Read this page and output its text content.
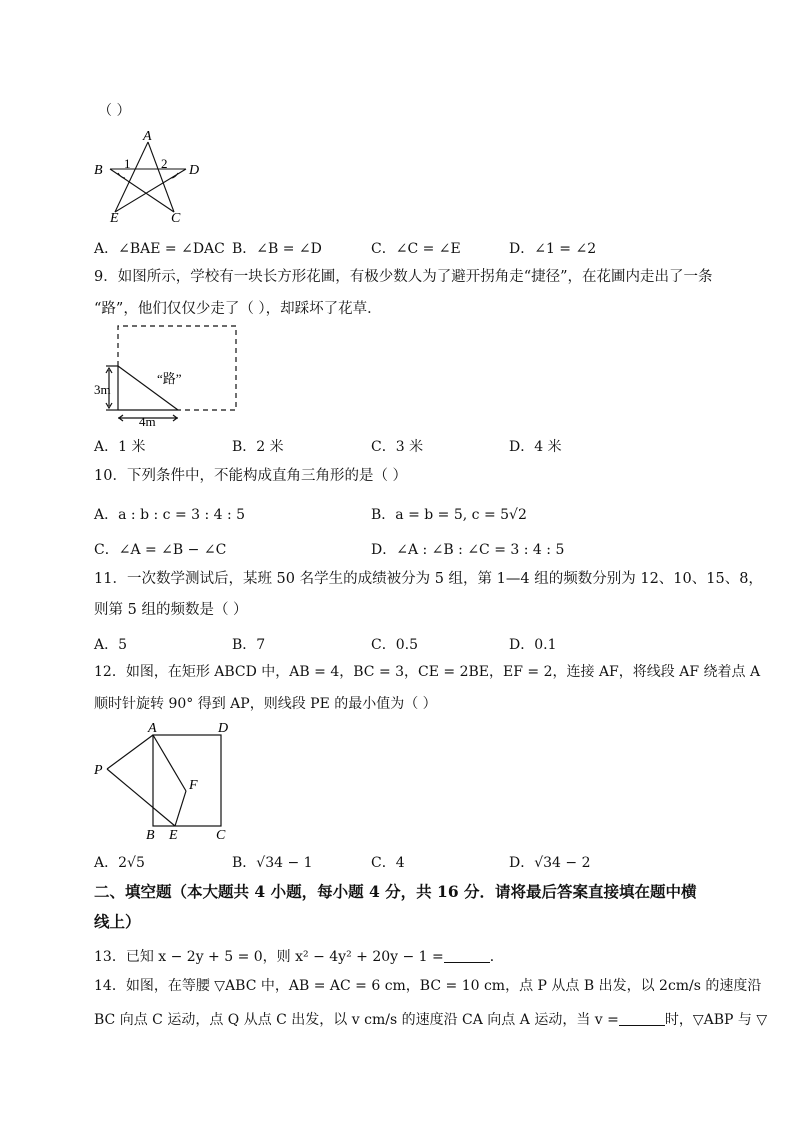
（ ）
A
B	D
E	C
1 2
A．∠BAE = ∠DAC B．∠B = ∠D	C．∠C = ∠E	D．∠1 = ∠2
9．如图所示，学校有一块长方形花圃，有极少数人为了避开拐角走“捷径”，在花圃内走出了一条
“路”，他们仅仅少走了（ ），却踩坏了花草．
“路”
3m
4m
A．1 米	B．2 米	C．3 米	D．4 米
10．下列条件中，不能构成直角三角形的是（ ）
A．a : b : c = 3 : 4 : 5	B．a = b = 5, c = 5√2
C．∠A = ∠B − ∠C	D．∠A : ∠B : ∠C = 3 : 4 : 5
11．一次数学测试后，某班 50 名学生的成绩被分为 5 组，第 1—4 组的频数分别为 12、10、15、8，
则第 5 组的频数是（ ）
A．5	B．7	C．0.5	D．0.1
12．如图，在矩形 ABCD 中，AB = 4，BC = 3，CE = 2BE，EF = 2，连接 AF，将线段 AF 绕着点 A
顺时针旋转 90° 得到 AP，则线段 PE 的最小值为（ ）
A	D
P
F
B E	C
A．2√5	B．√34 − 1	C．4	D．√34 − 2
二、填空题（本大题共 4 小题，每小题 4 分，共 16 分．请将最后答案直接填在题中横
线上）
13．已知 x − 2y + 5 = 0，则 x² − 4y² + 20y − 1 =	．
14．如图，在等腰 ▽ABC 中，AB = AC = 6 cm，BC = 10 cm，点 P 从点 B 出发，以 2cm/s 的速度沿
BC 向点 C 运动，点 Q 从点 C 出发，以 v cm/s 的速度沿 CA 向点 A 运动，当 v =	时，▽ABP 与 ▽
